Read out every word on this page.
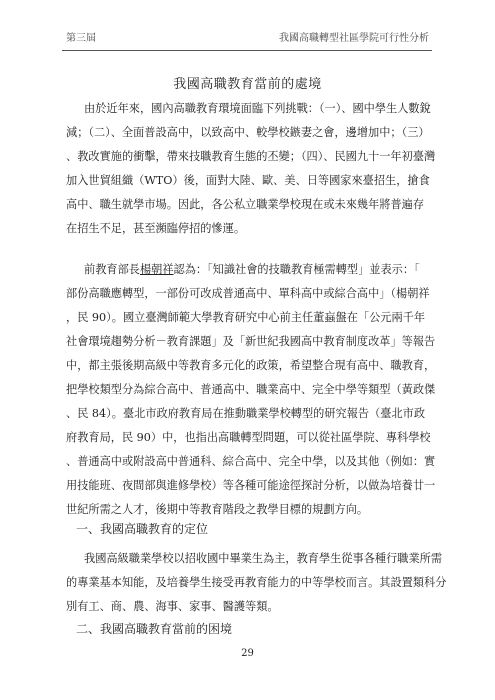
第三屆	我國高職轉型社區學院可行性分析
我國高職教育當前的處境
由於近年來，國內高職教育環境面臨下列挑戰：（一）、國中學生人數銳
減；（二）、全面普設高中，以致高中、較學校鏃妻之會，邊增加中；（三）
、教改實施的衝擊，帶來技職教育生態的丕變；（四）、民國九十一年初臺灣
加入世貿組織（WTO）後，面對大陸、歐、美、日等國家來臺招生，搶食
高中、職生就學市場。因此，各公私立職業學校現在或未來幾年將普遍存
在招生不足，甚至瀕臨停招的慘運。
前教育部長楊朝祥認為：「知識社會的技職教育極需轉型」並表示：「
部份高職應轉型，一部份可改成普通高中、單科高中或綜合高中」（楊朝祥
，民 90）。國立臺灣師範大學教育研究中心前主任董蝱盤在「公元兩千年
社會環境趨勢分析－教育課題」及「新世紀我國高中教育制度改革」等報告
中，都主張後期高級中等教育多元化的政策，希望整合現有高中、職教育，
把學校類型分為綜合高中、普通高中、職業高中、完全中學等類型（黃政傑
、民 84）。臺北市政府教育局在推動職業學校轉型的研究報告（臺北市政
府教育局，民 90）中，也指出高職轉型問題，可以從社區學院、專科學校
、普通高中或附設高中普通科、綜合高中、完全中學，以及其他（例如：實
用技能班、夜間部與進修學校）等各種可能途徑探討分析，以做為培養廿一
世紀所需之人才，後期中等教育階段之教學目標的規劃方向。
一、我國高職教育的定位
我國高級職業學校以招收國中畢業生為主，教育學生從事各種行職業所需
的專業基本知能，及培養學生接受再教育能力的中等學校而言。其設置類科分
別有工、商、農、海事、家事、醫護等類。
二、我國高職教育當前的困境
29
